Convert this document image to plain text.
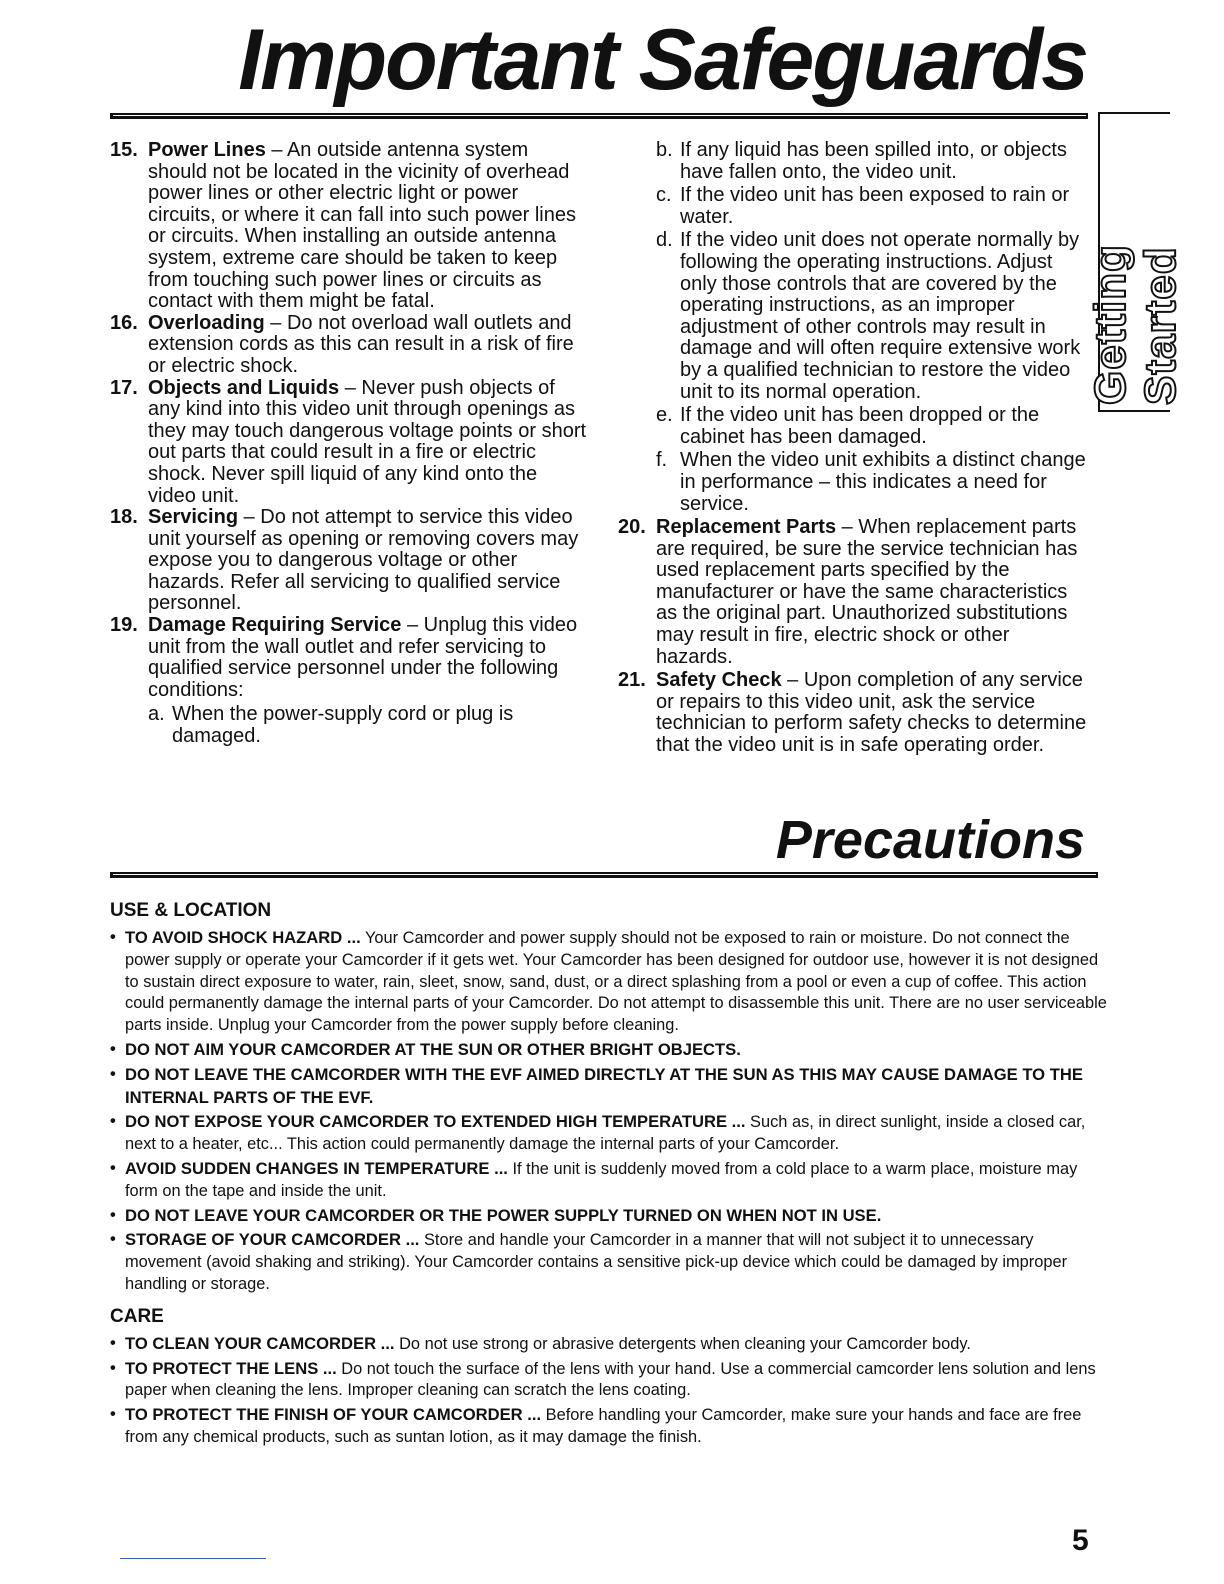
Important Safeguards
Getting Started
15. Power Lines – An outside antenna system should not be located in the vicinity of overhead power lines or other electric light or power circuits, or where it can fall into such power lines or circuits. When installing an outside antenna system, extreme care should be taken to keep from touching such power lines or circuits as contact with them might be fatal.
16. Overloading – Do not overload wall outlets and extension cords as this can result in a risk of fire or electric shock.
17. Objects and Liquids – Never push objects of any kind into this video unit through openings as they may touch dangerous voltage points or short out parts that could result in a fire or electric shock. Never spill liquid of any kind onto the video unit.
18. Servicing – Do not attempt to service this video unit yourself as opening or removing covers may expose you to dangerous voltage or other hazards. Refer all servicing to qualified service personnel.
19. Damage Requiring Service – Unplug this video unit from the wall outlet and refer servicing to qualified service personnel under the following conditions:
a. When the power-supply cord or plug is damaged.
b. If any liquid has been spilled into, or objects have fallen onto, the video unit.
c. If the video unit has been exposed to rain or water.
d. If the video unit does not operate normally by following the operating instructions. Adjust only those controls that are covered by the operating instructions, as an improper adjustment of other controls may result in damage and will often require extensive work by a qualified technician to restore the video unit to its normal operation.
e. If the video unit has been dropped or the cabinet has been damaged.
f. When the video unit exhibits a distinct change in performance – this indicates a need for service.
20. Replacement Parts – When replacement parts are required, be sure the service technician has used replacement parts specified by the manufacturer or have the same characteristics as the original part. Unauthorized substitutions may result in fire, electric shock or other hazards.
21. Safety Check – Upon completion of any service or repairs to this video unit, ask the service technician to perform safety checks to determine that the video unit is in safe operating order.
Precautions
USE & LOCATION
• TO AVOID SHOCK HAZARD ... Your Camcorder and power supply should not be exposed to rain or moisture. Do not connect the power supply or operate your Camcorder if it gets wet. Your Camcorder has been designed for outdoor use, however it is not designed to sustain direct exposure to water, rain, sleet, snow, sand, dust, or a direct splashing from a pool or even a cup of coffee. This action could permanently damage the internal parts of your Camcorder. Do not attempt to disassemble this unit. There are no user serviceable parts inside. Unplug your Camcorder from the power supply before cleaning.
• DO NOT AIM YOUR CAMCORDER AT THE SUN OR OTHER BRIGHT OBJECTS.
• DO NOT LEAVE THE CAMCORDER WITH THE EVF AIMED DIRECTLY AT THE SUN AS THIS MAY CAUSE DAMAGE TO THE INTERNAL PARTS OF THE EVF.
• DO NOT EXPOSE YOUR CAMCORDER TO EXTENDED HIGH TEMPERATURE ... Such as, in direct sunlight, inside a closed car, next to a heater, etc... This action could permanently damage the internal parts of your Camcorder.
• AVOID SUDDEN CHANGES IN TEMPERATURE ... If the unit is suddenly moved from a cold place to a warm place, moisture may form on the tape and inside the unit.
• DO NOT LEAVE YOUR CAMCORDER OR THE POWER SUPPLY TURNED ON WHEN NOT IN USE.
• STORAGE OF YOUR CAMCORDER ... Store and handle your Camcorder in a manner that will not subject it to unnecessary movement (avoid shaking and striking). Your Camcorder contains a sensitive pick-up device which could be damaged by improper handling or storage.
CARE
• TO CLEAN YOUR CAMCORDER ... Do not use strong or abrasive detergents when cleaning your Camcorder body.
• TO PROTECT THE LENS ... Do not touch the surface of the lens with your hand. Use a commercial camcorder lens solution and lens paper when cleaning the lens. Improper cleaning can scratch the lens coating.
• TO PROTECT THE FINISH OF YOUR CAMCORDER ... Before handling your Camcorder, make sure your hands and face are free from any chemical products, such as suntan lotion, as it may damage the finish.
5
